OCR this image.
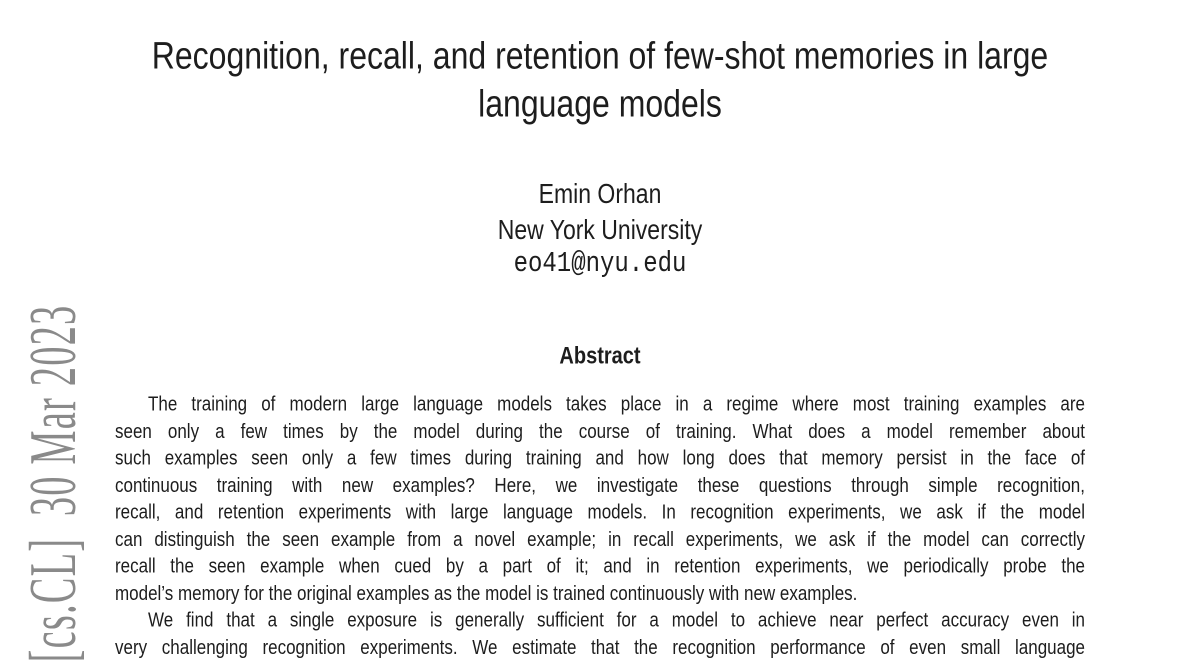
[cs.CL]  30 Mar 2023
Recognition, recall, and retention of few-shot memories in large
language models
Emin Orhan
New York University
eo41@nyu.edu
Abstract
The training of modern large language models takes place in a regime where most training examples are
seen only a few times by the model during the course of training. What does a model remember about
such examples seen only a few times during training and how long does that memory persist in the face of
continuous training with new examples? Here, we investigate these questions through simple recognition,
recall, and retention experiments with large language models. In recognition experiments, we ask if the model
can distinguish the seen example from a novel example; in recall experiments, we ask if the model can correctly
recall the seen example when cued by a part of it; and in retention experiments, we periodically probe the
model’s memory for the original examples as the model is trained continuously with new examples.
We find that a single exposure is generally sufficient for a model to achieve near perfect accuracy even in
very challenging recognition experiments. We estimate that the recognition performance of even small language
